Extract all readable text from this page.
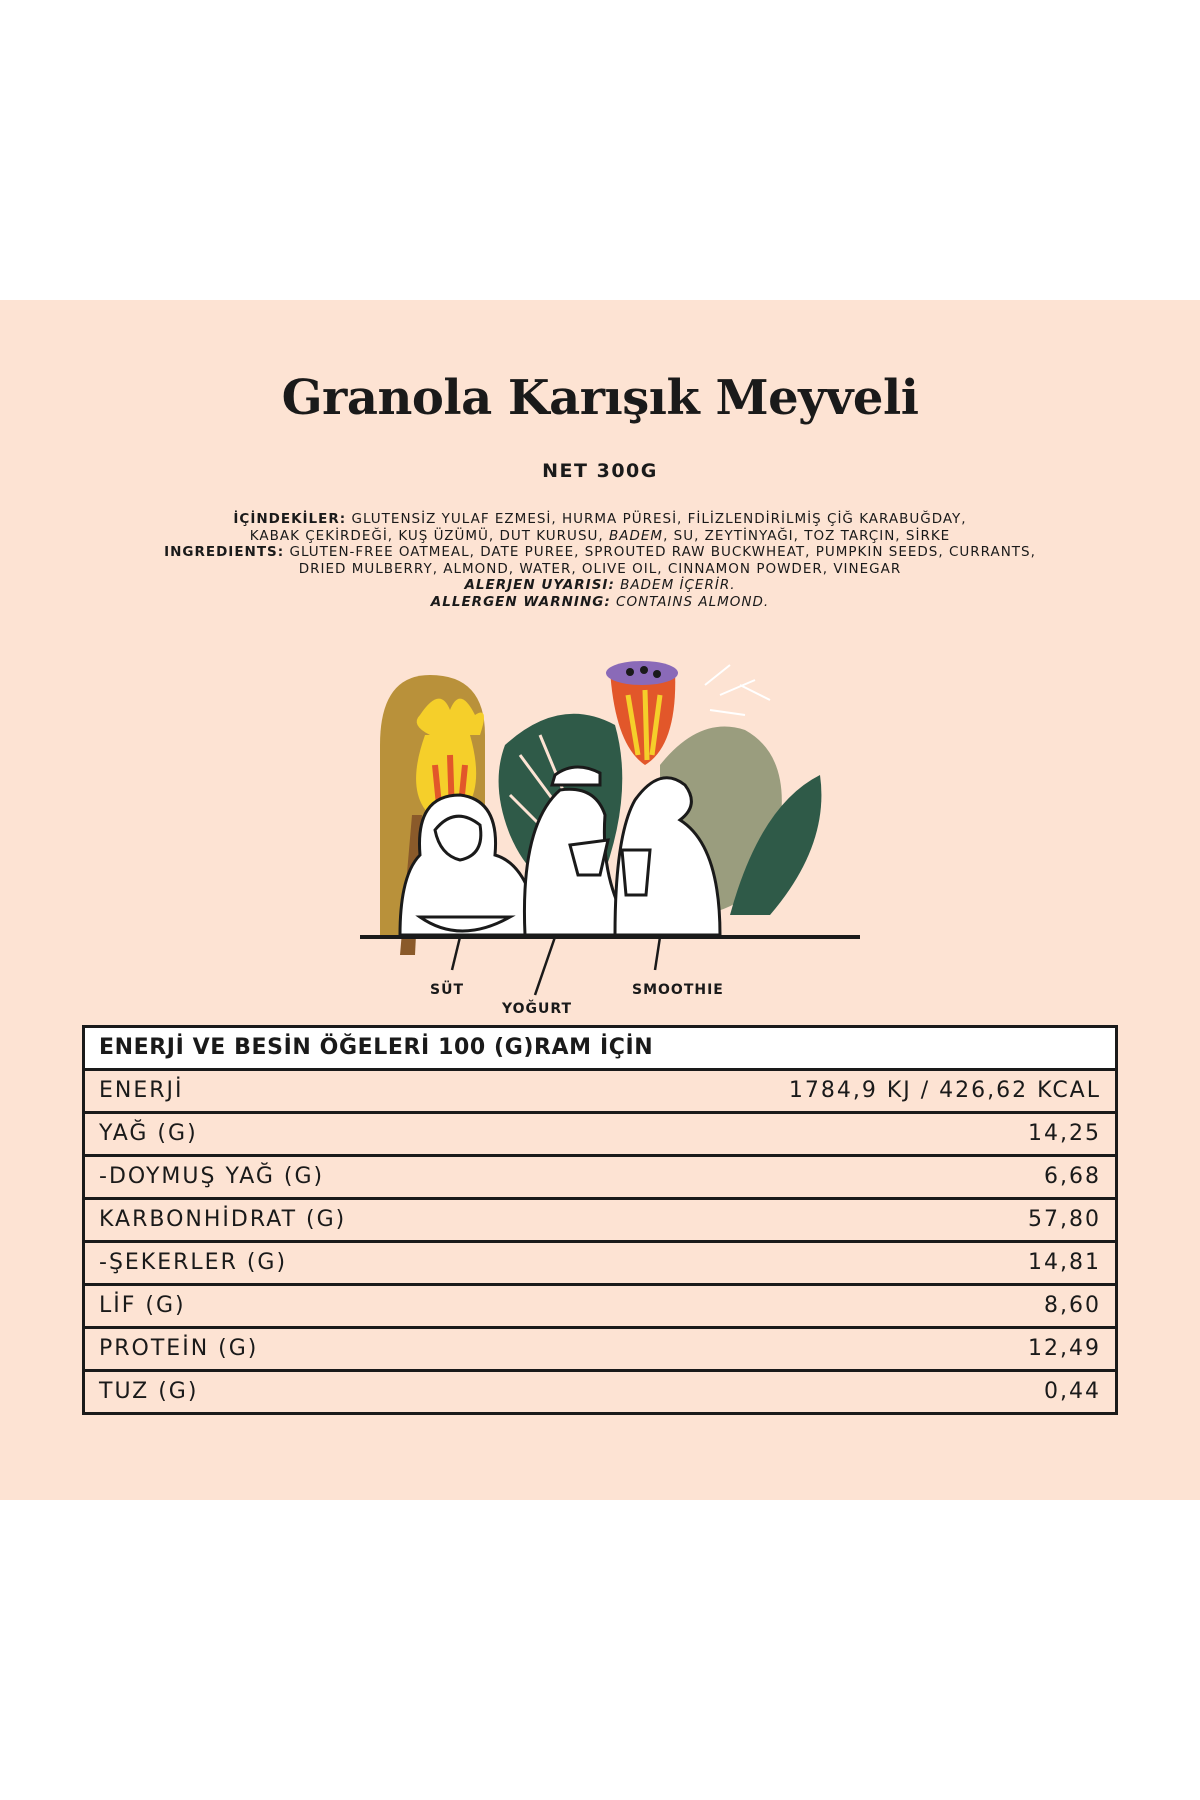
Granola Karışık Meyveli
NET 300G
İÇİNDEKİLER: GLUTENSİZ YULAF EZMESİ, HURMA PÜRESİ, FİLİZLENDİRİLMİŞ ÇİĞ KARABUĞDAY,
KABAK ÇEKİRDEĞİ, KUŞ ÜZÜMÜ, DUT KURUSU, BADEM, SU, ZEYTİNYAĞI, TOZ TARÇIN, SİRKE
INGREDIENTS: GLUTEN-FREE OATMEAL, DATE PUREE, SPROUTED RAW BUCKWHEAT, PUMPKIN SEEDS, CURRANTS,
DRIED MULBERRY, ALMOND, WATER, OLIVE OIL, CINNAMON POWDER, VINEGAR
ALERJEN UYARISI: BADEM İÇERİR.
ALLERGEN WARNING: CONTAINS ALMOND.
SÜT
YOĞURT
SMOOTHIE
ENERJİ VE BESİN ÖĞELERİ 100 (G)RAM İÇİN
ENERJİ	1784,9 KJ / 426,62 KCAL
YAĞ (G)	14,25
-DOYMUŞ YAĞ (G)	6,68
KARBONHİDRAT (G)	57,80
-ŞEKERLER (G)	14,81
LİF (G)	8,60
PROTEİN (G)	12,49
TUZ (G)	0,44
